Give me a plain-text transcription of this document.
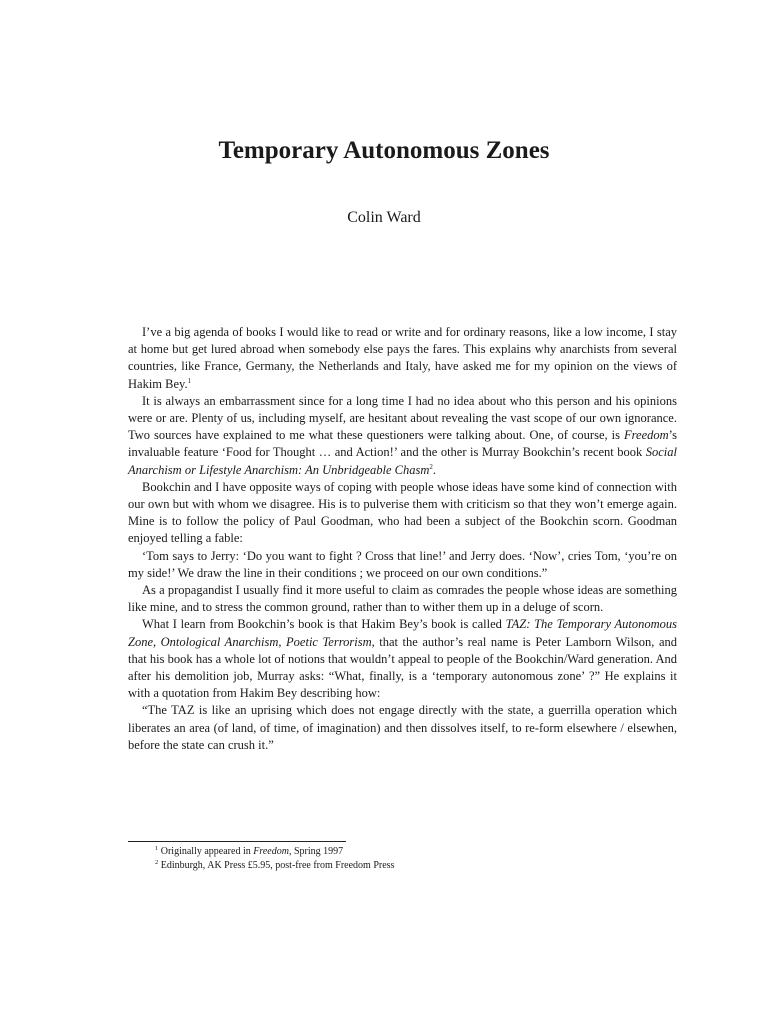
Temporary Autonomous Zones
Colin Ward

I’ve a big agenda of books I would like to read or write and for ordinary reasons, like a low income, I stay at home but get lured abroad when somebody else pays the fares. This explains why anarchists from several countries, like France, Germany, the Netherlands and Italy, have asked me for my opinion on the views of Hakim Bey.$^1$

It is always an embarrassment since for a long time I had no idea about who this person and his opinions were or are. Plenty of us, including myself, are hesitant about revealing the vast scope of our own ignorance. Two sources have explained to me what these questioners were talking about. One, of course, is Freedom’s invaluable feature ‘Food for Thought … and Action!’ and the other is Murray Bookchin’s recent book Social Anarchism or Lifestyle Anarchism: An Unbridgeable Chasm$^2$.

Bookchin and I have opposite ways of coping with people whose ideas have some kind of connection with our own but with whom we disagree. His is to pulverise them with criticism so that they won’t emerge again. Mine is to follow the policy of Paul Goodman, who had been a subject of the Bookchin scorn. Goodman enjoyed telling a fable:

‘Tom says to Jerry: ‘Do you want to fight ? Cross that line!’ and Jerry does. ‘Now’, cries Tom, ‘you’re on my side!’ We draw the line in their conditions ; we proceed on our own conditions.”

As a propagandist I usually find it more useful to claim as comrades the people whose ideas are something like mine, and to stress the common ground, rather than to wither them up in a deluge of scorn.

What I learn from Bookchin’s book is that Hakim Bey’s book is called TAZ: The Temporary Autonomous Zone, Ontological Anarchism, Poetic Terrorism, that the author’s real name is Peter Lamborn Wilson, and that his book has a whole lot of notions that wouldn’t appeal to people of the Bookchin/Ward generation. And after his demolition job, Murray asks: “What, finally, is a ‘temporary autonomous zone’ ?” He explains it with a quotation from Hakim Bey describing how:

“The TAZ is like an uprising which does not engage directly with the state, a guerrilla operation which liberates an area (of land, of time, of imagination) and then dissolves itself, to re-form elsewhere / elsewhen, before the state can crush it.”

$^1$ Originally appeared in Freedom, Spring 1997
$^2$ Edinburgh, AK Press £5.95, post-free from Freedom Press
